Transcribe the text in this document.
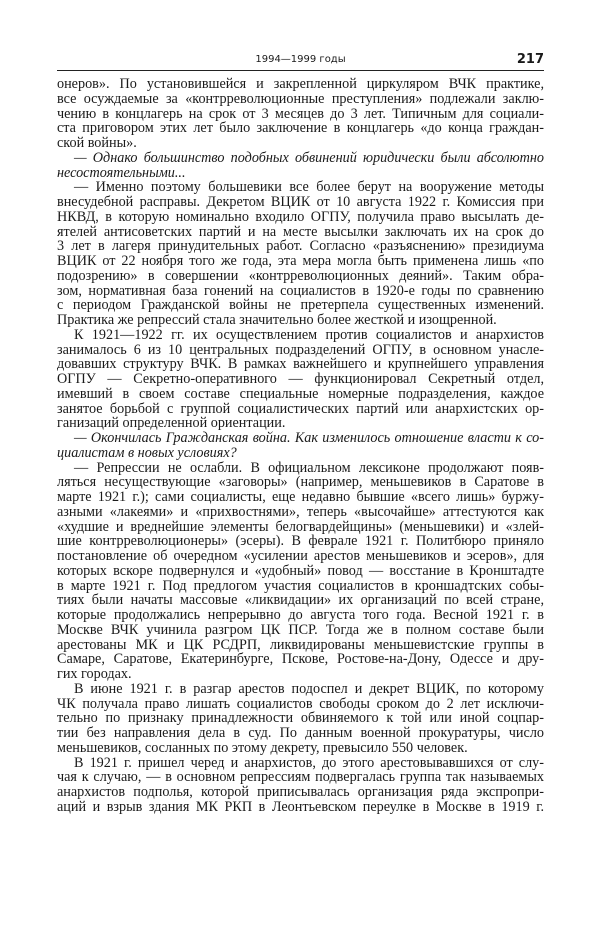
1994—1999 годы	217
онеров». По установившейся и закрепленной циркуляром ВЧК практике,
все осуждаемые за «контрреволюционные преступления» подлежали заклю-
чению в концлагерь на срок от 3 месяцев до 3 лет. Типичным для социали-
ста приговором этих лет было заключение в концлагерь «до конца граждан-
ской войны».
— Однако большинство подобных обвинений юридически были абсолютно
несостоятельными...
— Именно поэтому большевики все более берут на вооружение методы
внесудебной расправы. Декретом ВЦИК от 10 августа 1922 г. Комиссия при
НКВД, в которую номинально входило ОГПУ, получила право высылать де-
ятелей антисоветских партий и на месте высылки заключать их на срок до
3 лет в лагеря принудительных работ. Согласно «разъяснению» президиума
ВЦИК от 22 ноября того же года, эта мера могла быть применена лишь «по
подозрению» в совершении «контрреволюционных деяний». Таким обра-
зом, нормативная база гонений на социалистов в 1920-е годы по сравнению
с периодом Гражданской войны не претерпела существенных изменений.
Практика же репрессий стала значительно более жесткой и изощренной.
К 1921—1922 гг. их осуществлением против социалистов и анархистов
занималось 6 из 10 центральных подразделений ОГПУ, в основном унасле-
довавших структуру ВЧК. В рамках важнейшего и крупнейшего управления
ОГПУ — Секретно-оперативного — функционировал Секретный отдел,
имевший в своем составе специальные номерные подразделения, каждое
занятое борьбой с группой социалистических партий или анархистских ор-
ганизаций определенной ориентации.
— Окончилась Гражданская война. Как изменилось отношение власти к со-
циалистам в новых условиях?
— Репрессии не ослабли. В официальном лексиконе продолжают появ-
ляться несуществующие «заговоры» (например, меньшевиков в Саратове в
марте 1921 г.); сами социалисты, еще недавно бывшие «всего лишь» буржу-
азными «лакеями» и «прихвостнями», теперь «высочайше» аттестуются как
«худшие и вреднейшие элементы белогвардейщины» (меньшевики) и «злей-
шие контрреволюционеры» (эсеры). В феврале 1921 г. Политбюро приняло
постановление об очередном «усилении арестов меньшевиков и эсеров», для
которых вскоре подвернулся и «удобный» повод — восстание в Кронштадте
в марте 1921 г. Под предлогом участия социалистов в кроншадтских собы-
тиях были начаты массовые «ликвидации» их организаций по всей стране,
которые продолжались непрерывно до августа того года. Весной 1921 г. в
Москве ВЧК учинила разгром ЦК ПСР. Тогда же в полном составе были
арестованы МК и ЦК РСДРП, ликвидированы меньшевистские группы в
Самаре, Саратове, Екатеринбурге, Пскове, Ростове-на-Дону, Одессе и дру-
гих городах.
В июне 1921 г. в разгар арестов подоспел и декрет ВЦИК, по которому
ЧК получала право лишать социалистов свободы сроком до 2 лет исключи-
тельно по признаку принадлежности обвиняемого к той или иной соцпар-
тии без направления дела в суд. По данным военной прокуратуры, число
меньшевиков, сосланных по этому декрету, превысило 550 человек.
В 1921 г. пришел черед и анархистов, до этого арестовывавшихся от слу-
чая к случаю, — в основном репрессиям подвергалась группа так называемых
анархистов подполья, которой приписывалась организация ряда экспропри-
аций и взрыв здания МК РКП в Леонтьевском переулке в Москве в 1919 г.
